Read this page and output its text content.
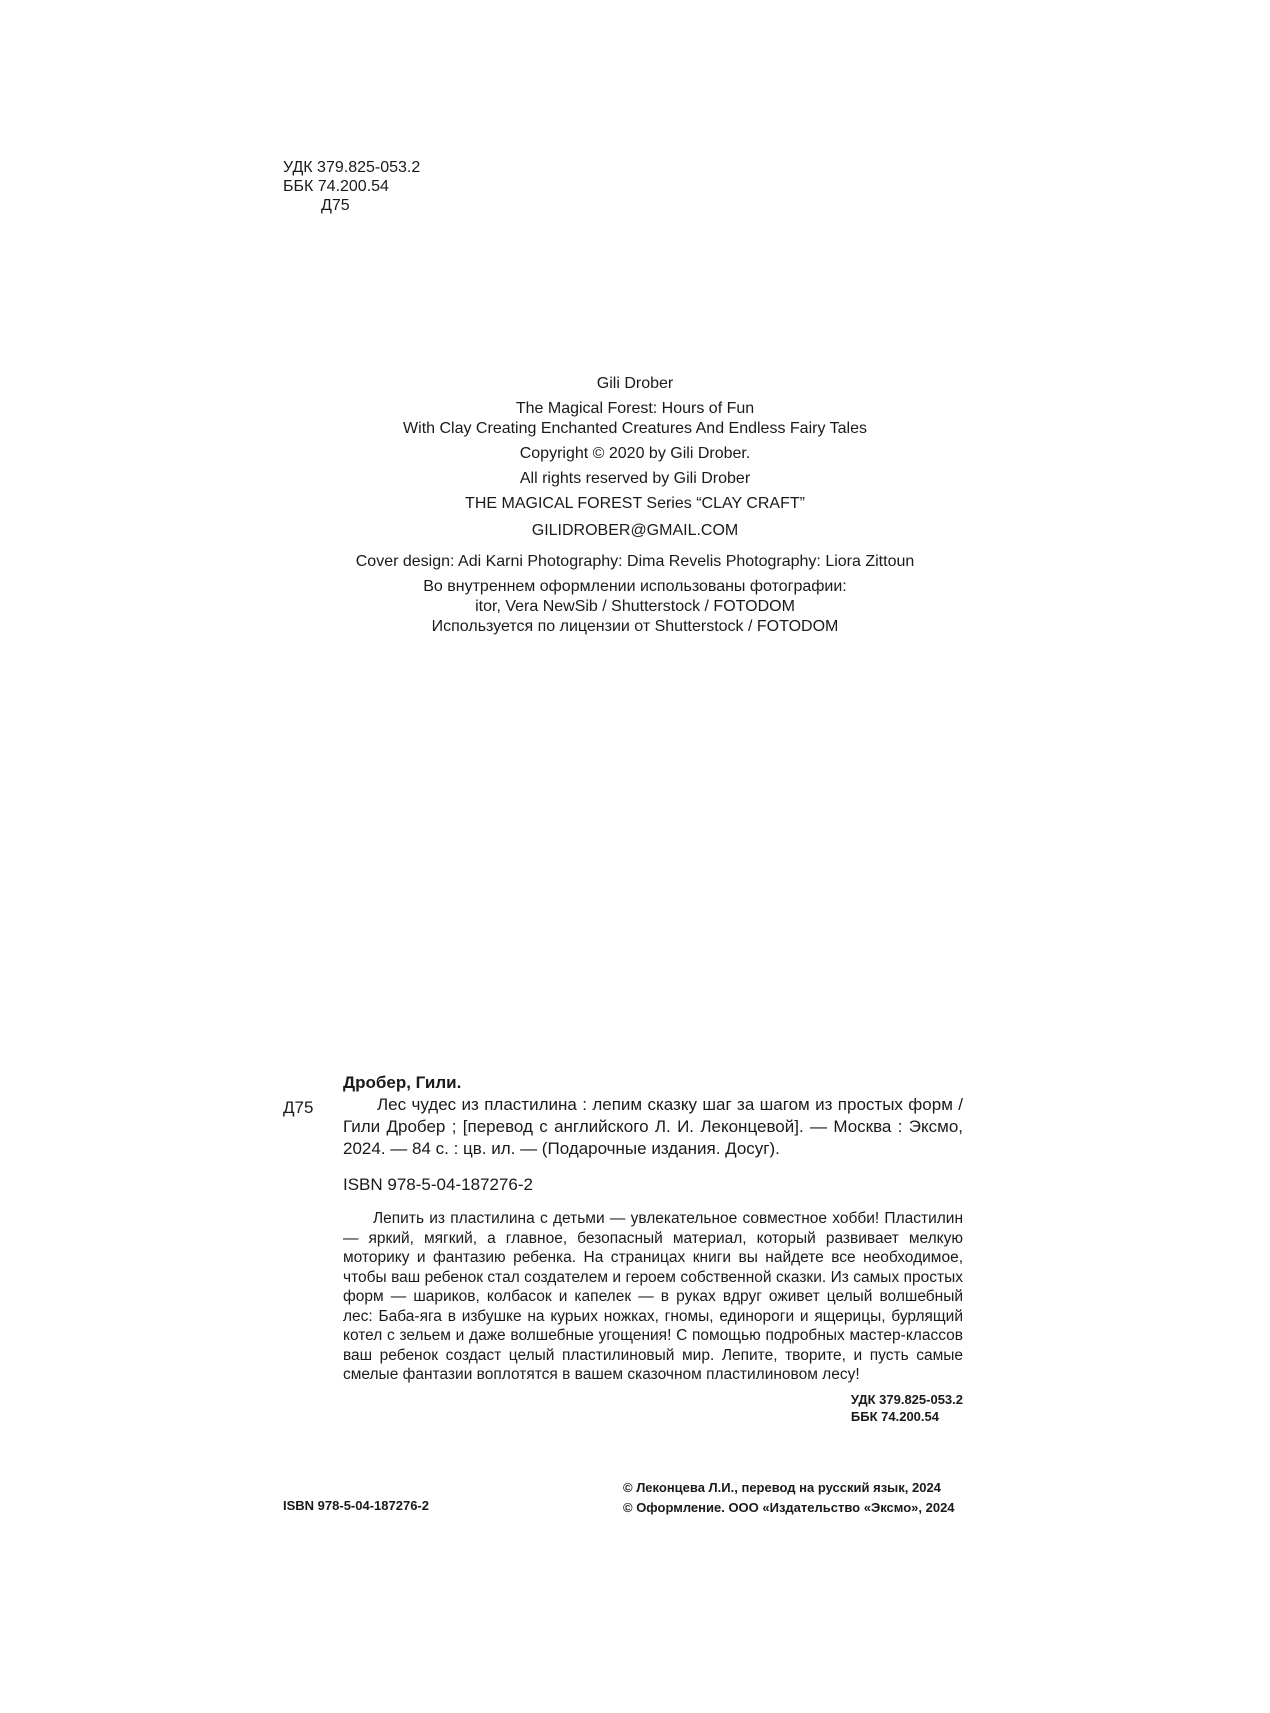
УДК 379.825-053.2
ББК 74.200.54
Д75
Gili Drober
The Magical Forest: Hours of Fun
With Clay Creating Enchanted Creatures And Endless Fairy Tales
Copyright © 2020 by Gili Drober.
All rights reserved by Gili Drober
THE MAGICAL FOREST Series “CLAY CRAFT”
GILIDROBER@GMAIL.COM
Cover design: Adi Karni Photography: Dima Revelis Photography: Liora Zittoun
Во внутреннем оформлении использованы фотографии:
itor, Vera NewSib / Shutterstock / FOTODOM
Используется по лицензии от Shutterstock / FOTODOM
Д75
Дробер, Гили.
Лес чудес из пластилина : лепим сказку шаг за шагом из простых форм / Гили Дробер ; [перевод с английского Л. И. Леконцевой]. — Москва : Эксмо, 2024. — 84 с. : цв. ил. — (Подарочные издания. Досуг).
ISBN 978-5-04-187276-2
Лепить из пластилина с детьми — увлекательное совместное хобби! Пластилин — яркий, мягкий, а главное, безопасный материал, который развивает мелкую моторику и фантазию ребенка. На страницах книги вы найдете все необходимое, чтобы ваш ребенок стал создателем и героем собственной сказки. Из самых простых форм — шариков, колбасок и капелек — в руках вдруг оживет целый волшебный лес: Баба-яга в избушке на курьих ножках, гномы, единороги и ящерицы, бурлящий котел с зельем и даже волшебные угощения! С помощью подробных мастер-классов ваш ребенок создаст целый пластилиновый мир. Лепите, творите, и пусть самые смелые фантазии воплотятся в вашем сказочном пластилиновом лесу!
УДК 379.825-053.2
ББК 74.200.54
ISBN 978-5-04-187276-2
© Леконцева Л.И., перевод на русский язык, 2024
© Оформление. ООО «Издательство «Эксмо», 2024
